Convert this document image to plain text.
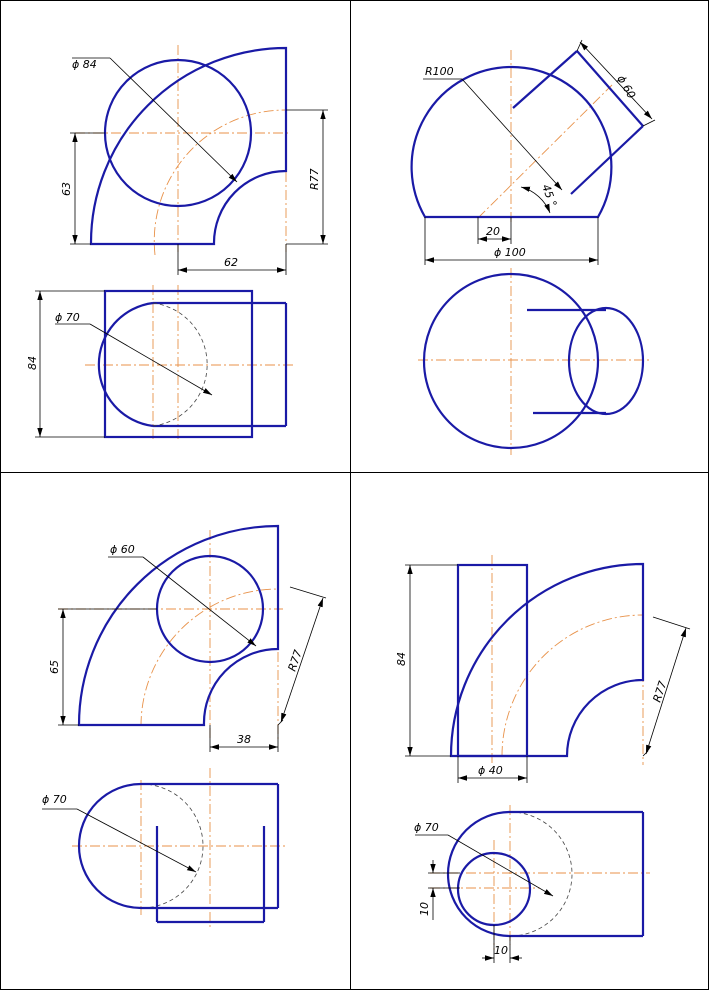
ϕ 84
63
62
R77
ϕ 70
84
R100
ϕ 60
45 °
20
ϕ 100
ϕ 60
65
38
R77
ϕ 70
84
ϕ 40
R77
ϕ 70
10
10
